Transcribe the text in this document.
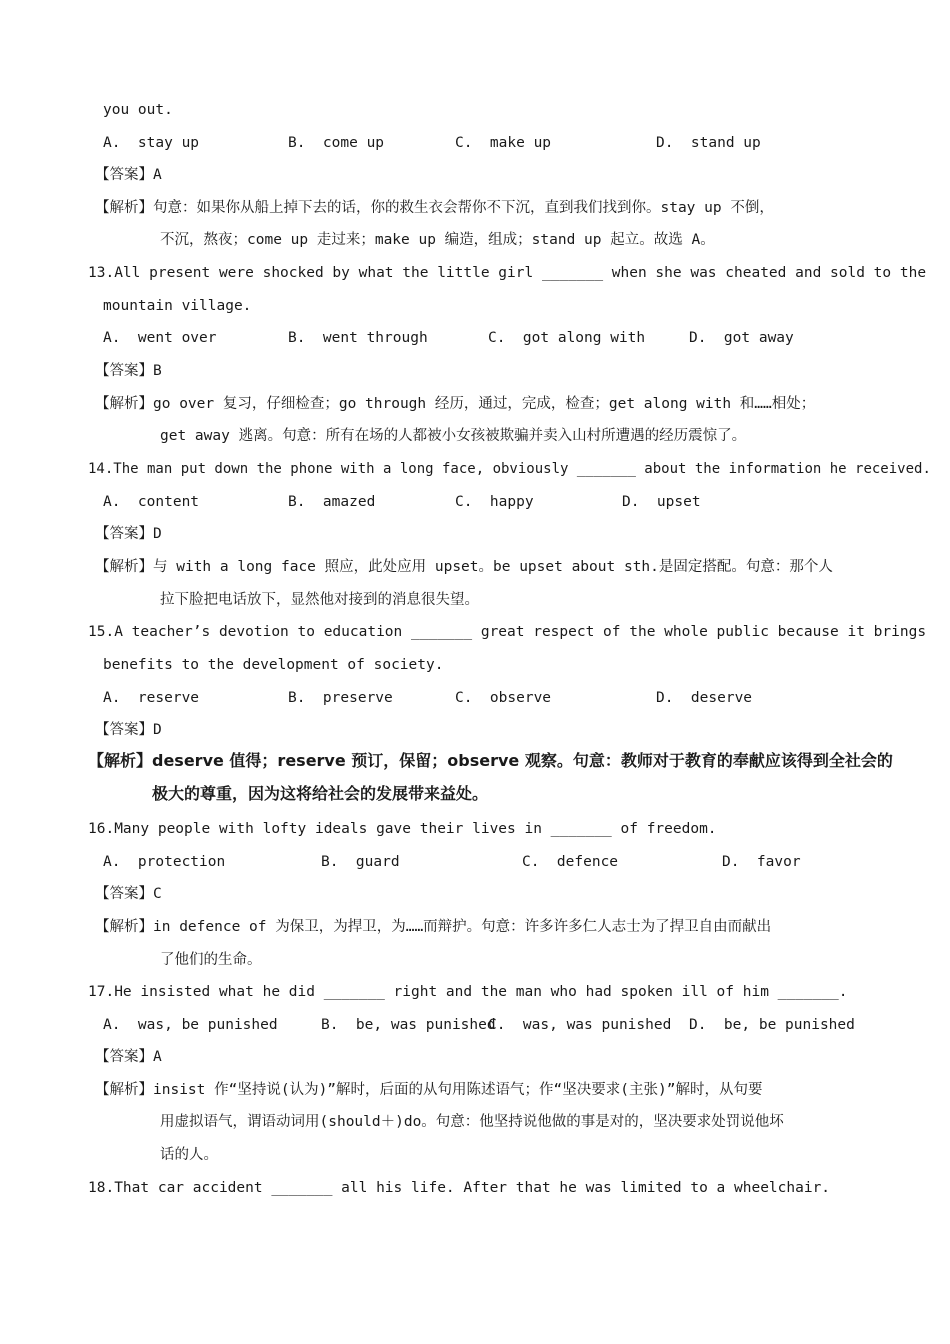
you out.
A.  stay up	B.  come up	C.  make up	D.  stand up
【答案】A
【解析】句意：如果你从船上掉下去的话，你的救生衣会帮你不下沉，直到我们找到你。stay up 不倒，
不沉，熬夜；come up 走过来；make up 编造，组成；stand up 起立。故选 A。
13.All present were shocked by what the little girl _______ when she was cheated and sold to the
mountain village.
A.  went over	B.  went through	C.  got along with	D.  got away
【答案】B
【解析】go over 复习，仔细检查；go through 经历，通过，完成，检查；get along with 和……相处；
get away 逃离。句意：所有在场的人都被小女孩被欺骗并卖入山村所遭遇的经历震惊了。
14.The man put down the phone with a long face, obviously _______ about the information he received.
A.  content	B.  amazed	C.  happy	D.  upset
【答案】D
【解析】与 with a long face 照应，此处应用 upset。be upset about sth.是固定搭配。句意：那个人
拉下脸把电话放下，显然他对接到的消息很失望。
15.A teacher’s devotion to education _______ great respect of the whole public because it brings
benefits to the development of society.
A.  reserve	B.  preserve	C.  observe	D.  deserve
【答案】D
【解析】deserve 值得；reserve 预订，保留；observe 观察。句意：教师对于教育的奉献应该得到全社会的
极大的尊重，因为这将给社会的发展带来益处。
16.Many people with lofty ideals gave their lives in _______ of freedom.
A.  protection	B.  guard	C.  defence	D.  favor
【答案】C
【解析】in defence of 为保卫，为捍卫，为……而辩护。句意：许多许多仁人志士为了捍卫自由而献出
了他们的生命。
17.He insisted what he did _______ right and the man who had spoken ill of him _______.
A.  was, be punished	B.  be, was punished
C.  was, was punished D.  be, be punished
【答案】A
【解析】insist 作“坚持说(认为)”解时，后面的从句用陈述语气；作“坚决要求(主张)”解时，从句要
用虚拟语气，谓语动词用(should＋)do。句意：他坚持说他做的事是对的，坚决要求处罚说他坏
话的人。
18.That car accident _______ all his life. After that he was limited to a wheelchair.
